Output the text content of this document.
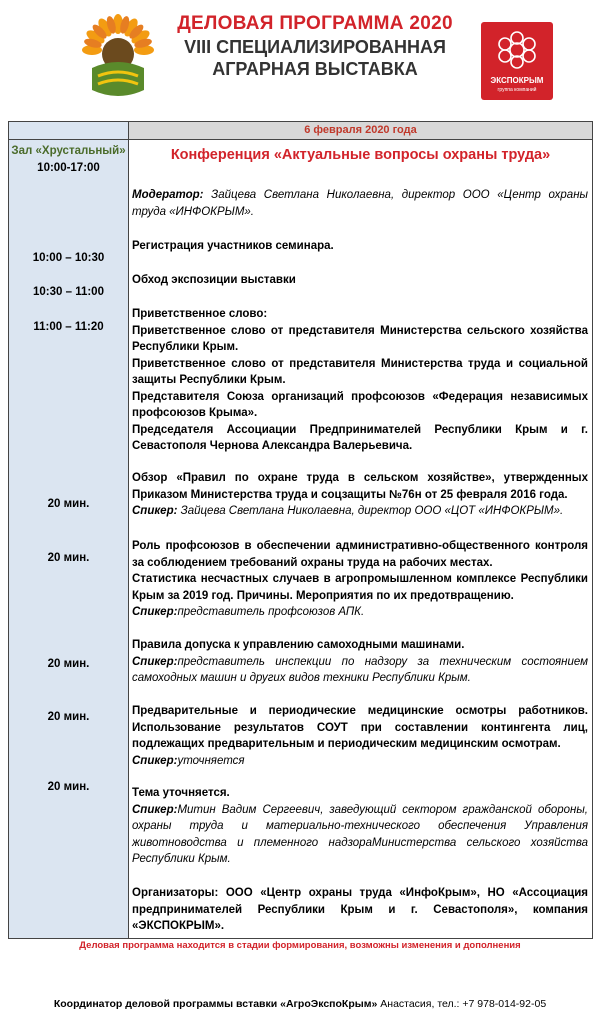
ДЕЛОВАЯ ПРОГРАММА 2020
VIII СПЕЦИАЛИЗИРОВАННАЯ
АГРАРНАЯ ВЫСТАВКА
ЭКСПОКРЫМ
группа компаний
6 февраля 2020 года
Зал «Хрустальный»
10:00-17:00
10:00 – 10:30
10:30 – 11:00
11:00 – 11:20
20 мин.
20 мин.
20 мин.
20 мин.
20 мин.
Конференция «Актуальные вопросы охраны труда»
Модератор: Зайцева Светлана Николаевна, директор ООО «Центр охраны труда «ИНФОКРЫМ».
Регистрация участников семинара.
Обход экспозиции выставки
Приветственное слово:
Приветственное слово от представителя Министерства сельского хозяйства Республики Крым.
Приветственное слово от представителя Министерства труда и социальной защиты Республики Крым.
Представителя Союза организаций профсоюзов «Федерация независимых профсоюзов Крыма».
Председателя Ассоциации Предпринимателей Республики Крым и г. Севастополя Чернова Александра Валерьевича.
Обзор «Правил по охране труда в сельском хозяйстве», утвержденных Приказом Министерства труда и соцзащиты №76н от 25 февраля 2016 года.
Спикер: Зайцева Светлана Николаевна, директор ООО «ЦОТ «ИНФОКРЫМ».
Роль профсоюзов в обеспечении административно-общественного контроля за соблюдением требований охраны труда на рабочих местах.
Статистика несчастных случаев в агропромышленном комплексе Республики Крым за 2019 год. Причины. Мероприятия по их предотвращению.
Спикер:представитель профсоюзов АПК.
Правила допуска к управлению самоходными машинами.
Спикер:представитель инспекции по надзору за техническим состоянием самоходных машин и других видов техники Республики Крым.
Предварительные и периодические медицинские осмотры работников. Использование результатов СОУТ при составлении контингента лиц, подлежащих предварительным и периодическим медицинским осмотрам.
Спикер:уточняется
Тема уточняется.
Спикер:Митин Вадим Сергеевич, заведующий сектором гражданской обороны, охраны труда и материально-технического обеспечения Управления животноводства и племенного надзораМинистерства сельского хозяйства Республики Крым.
Организаторы: ООО «Центр охраны труда «ИнфоКрым», НО «Ассоциация предпринимателей Республики Крым и г. Севастополя», компания «ЭКСПОКРЫМ».
Деловая программа находится в стадии формирования, возможны изменения и дополнения
Координатор деловой программы вставки «АгроЭкспоКрым» Анастасия, тел.: +7 978-014-92-05
